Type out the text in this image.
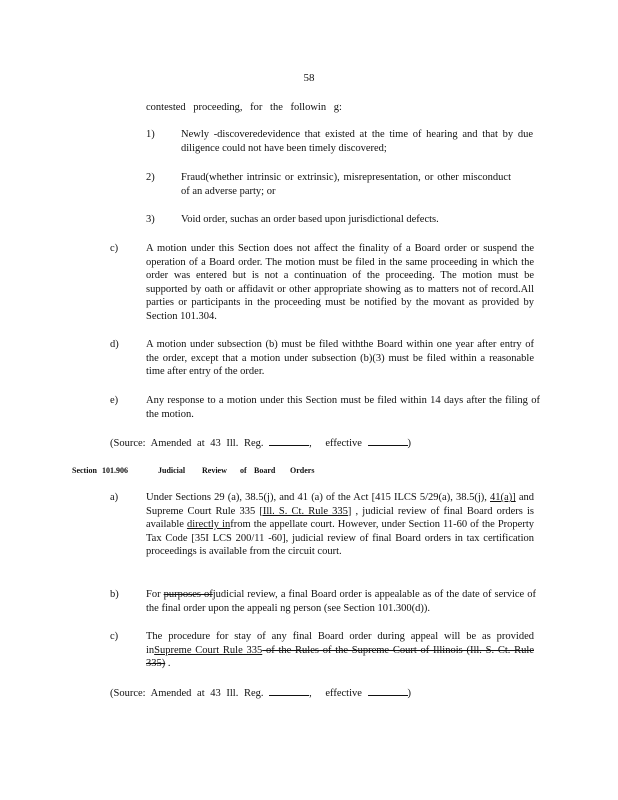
58

contested proceeding, for the followin g:

1)	Newly -discoveredevidence that existed at the time of hearing and that by due diligence could not have been timely discovered;

2)	Fraud(whether intrinsic or extrinsic), misrepresentation, or other misconduct of an adverse party; or

3)	Void order, suchas an order based upon jurisdictional defects.

c)	A motion under this Section does not affect the finality of a Board order or suspend the operation of a Board order. The motion must be filed in the same proceeding in which the order was entered but is not a continuation of the proceeding. The motion must be supported by oath or affidavit or other appropriate showing as to matters not of record.All parties or participants in the proceeding must be notified by the movant as provided by Section 101.304.

d)	A motion under subsection (b) must be filed withthe Board within one year after entry of the order, except that a motion under subsection (b)(3) must be filed within a reasonable time after entry of the order.

e)	Any response to a motion under this Section must be filed within 14 days after the filing of the motion.

(Source: Amended at 43 Ill. Reg.	, effective	)
Section 101.906	Judicial Review of Board Orders
a)	Under Sections 29 (a), 38.5(j), and 41 (a) of the Act [415 ILCS 5/29(a), 38.5(j), 41(a)] and Supreme Court Rule 335 [Ill. S. Ct. Rule 335] , judicial review of final Board orders is available directly infrom the appellate court. However, under Section 11-60 of the Property Tax Code [35I LCS 200/11 -60], judicial review of final Board orders in tax certification proceedings is available from the circuit court.

b)	For purposes ofjudicial review, a final Board order is appealable as of the date of service of the final order upon the appeali ng person (see Section 101.300(d)).

c)	The procedure for stay of any final Board order during appeal will be as provided inSupreme Court Rule 335 of the Rules of the Supreme Court of Illinois (Ill. S. Ct. Rule 335) .

(Source: Amended at 43 Ill. Reg.	, effective	)
